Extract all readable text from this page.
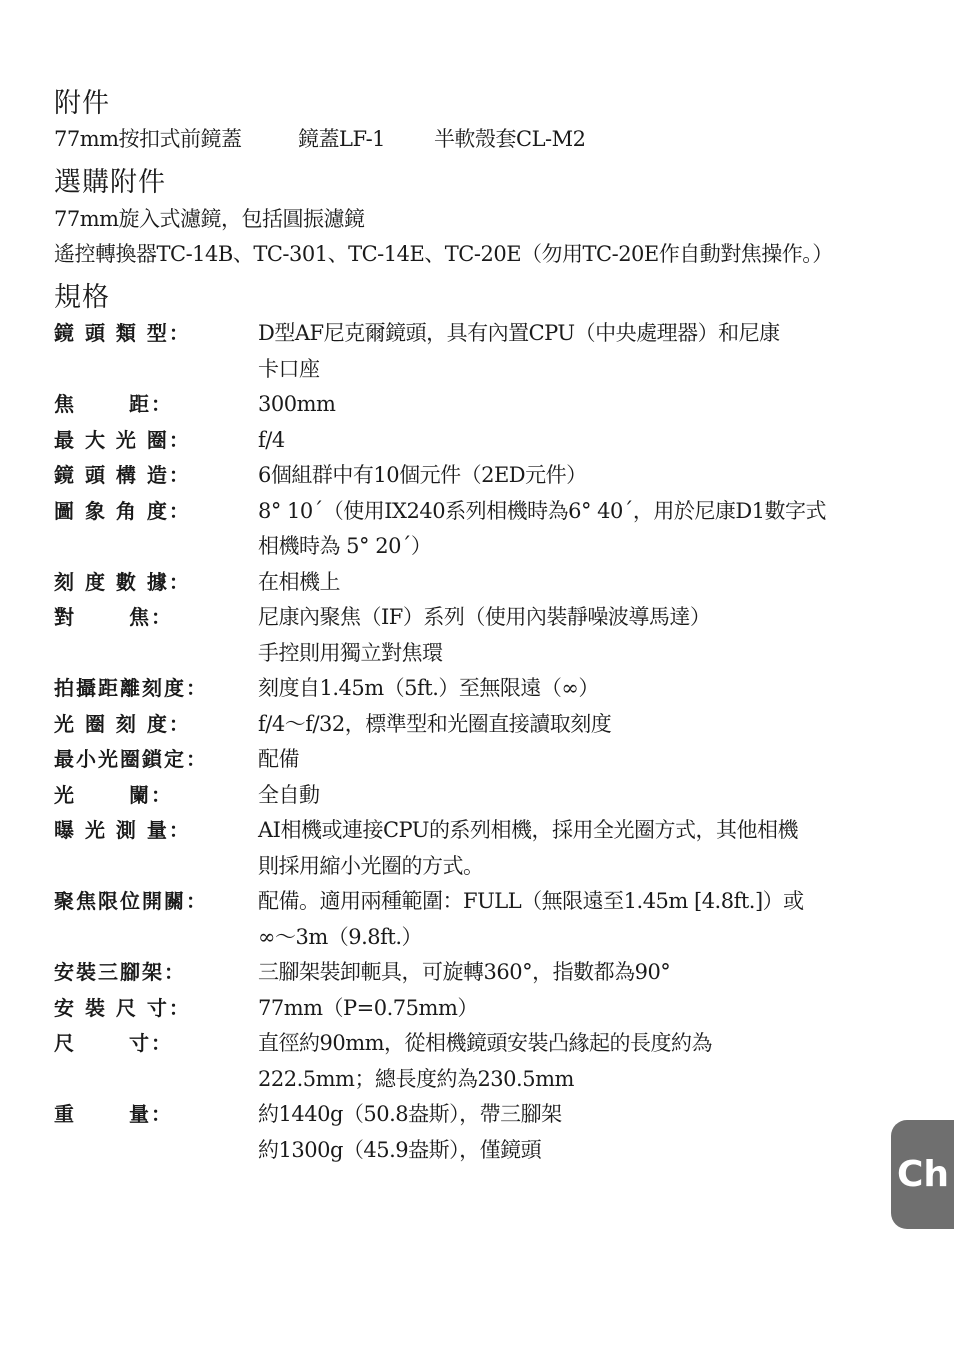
附件
77mm按扣式前鏡蓋	鏡蓋LF-1	半軟殼套CL-M2
選購附件
77mm旋入式濾鏡，包括圓振濾鏡
遙控轉換器TC-14B、TC-301、TC-14E、TC-20E（勿用TC-20E作自動對焦操作。）
規格
鏡 頭 類 型：	D型AF尼克爾鏡頭，具有內置CPU（中央處理器）和尼康
卡口座
焦　　 距：	300mm
最 大 光 圈：	f/4
鏡 頭 構 造：	6個組群中有10個元件（2ED元件）
圖 象 角 度：	8° 10´（使用IX240系列相機時為6° 40´，用於尼康D1數字式
相機時為 5° 20´）
刻 度 數 據：	在相機上
對　　 焦：	尼康內聚焦（IF）系列（使用內裝靜噪波導馬達）
手控則用獨立對焦環
拍攝距離刻度：	刻度自1.45m（5ft.）至無限遠（∞）
光 圈 刻 度：	f/4～f/32，標準型和光圈直接讀取刻度
最小光圈鎖定：	配備
光　　 闌：	全自動
曝 光 測 量：	AI相機或連接CPU的系列相機，採用全光圈方式，其他相機
則採用縮小光圈的方式。
聚焦限位開關：	配備。適用兩種範圍：FULL（無限遠至1.45m [4.8ft.]）或
∞～3m（9.8ft.）
安裝三腳架：	三腳架裝卸軛具，可旋轉360°，指數都為90°
安 裝 尺 寸：	77mm（P=0.75mm）
尺　　 寸：	直徑約90mm，從相機鏡頭安裝凸緣起的長度約為
222.5mm；總長度約為230.5mm
重　　 量：	約1440g（50.8盎斯），帶三腳架
約1300g（45.9盎斯），僅鏡頭
Ch
